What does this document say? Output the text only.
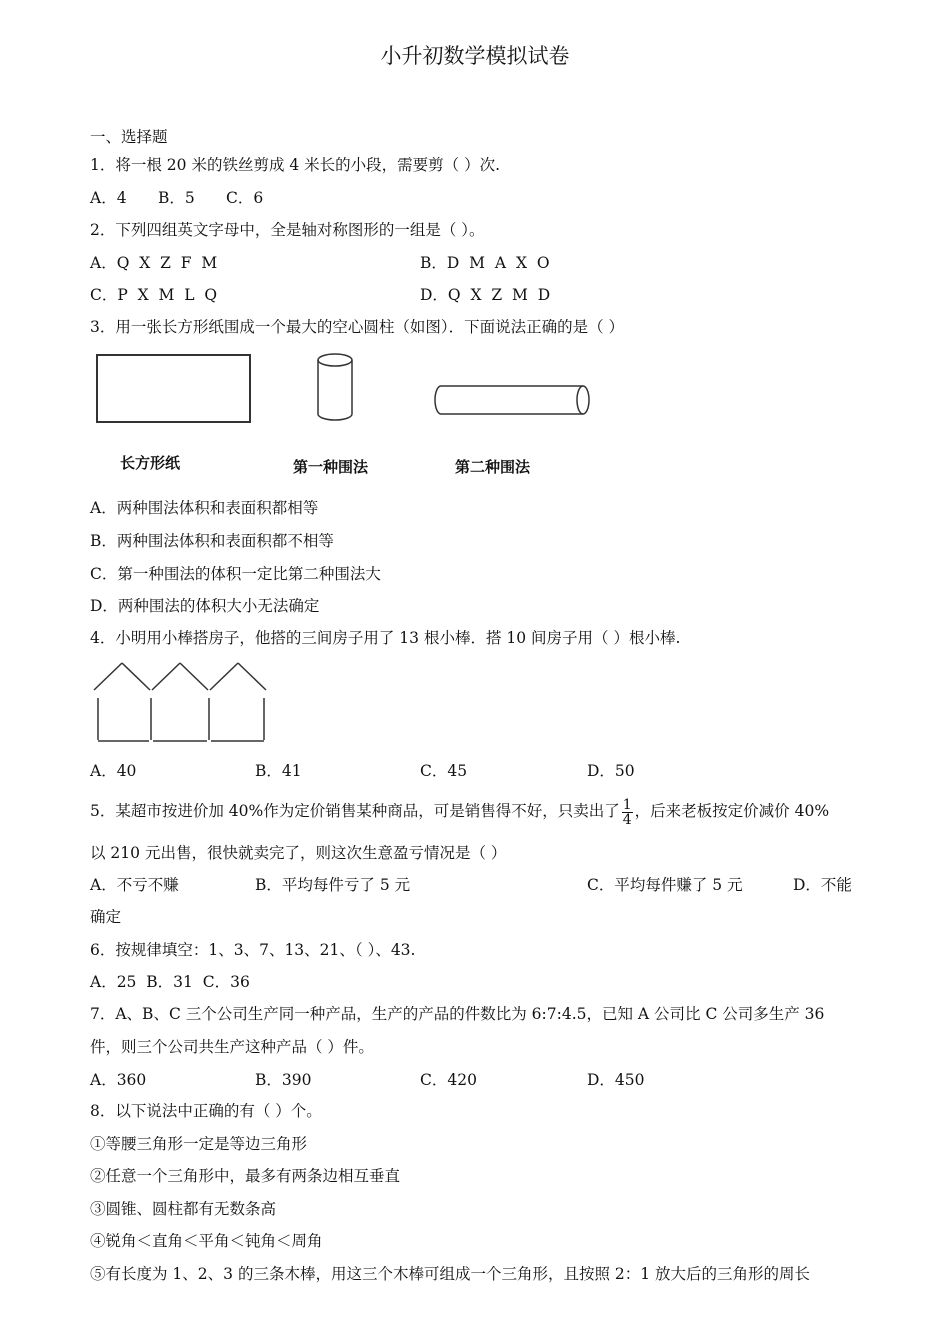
小升初数学模拟试卷
一、选择题
1．将一根 20 米的铁丝剪成 4 米长的小段，需要剪（ ）次.
A．4 B．5 C．6
2．下列四组英文字母中，全是轴对称图形的一组是（ ）。
A．Q  X  Z  F  M	B．D  M  A  X  O
C．P  X  M  L  Q	D．Q  X  Z  M  D
3．用一张长方形纸围成一个最大的空心圆柱（如图）．下面说法正确的是（ ）
长方形纸	第一种围法	第二种围法
A．两种围法体积和表面积都相等
B．两种围法体积和表面积都不相等
C．第一种围法的体积一定比第二种围法大
D．两种围法的体积大小无法确定
4．小明用小棒搭房子，他搭的三间房子用了 13 根小棒．搭 10 间房子用（ ）根小棒.
A．40	B．41	C．45	D．50
5．某超市按进价加 40%作为定价销售某种商品，可是销售得不好，只卖出了 $\frac{1}{4}$ ，后来老板按定价减价 40%
以 210 元出售，很快就卖完了，则这次生意盈亏情况是（ ）
A．不亏不赚	B．平均每件亏了 5 元	C．平均每件赚了 5 元	D．不能
确定
6．按规律填空：1、3、7、13、21、（ ）、43.
A．25  B．31  C．36
7．A、B、C 三个公司生产同一种产品，生产的产品的件数比为 6:7:4.5，已知 A 公司比 C 公司多生产 36
件，则三个公司共生产这种产品（ ）件。
A．360	B．390	C．420	D．450
8．以下说法中正确的有（ ）个。
①等腰三角形一定是等边三角形
②任意一个三角形中，最多有两条边相互垂直
③圆锥、圆柱都有无数条高
④锐角＜直角＜平角＜钝角＜周角
⑤有长度为 1、2、3 的三条木棒，用这三个木棒可组成一个三角形，且按照 2：1 放大后的三角形的周长
